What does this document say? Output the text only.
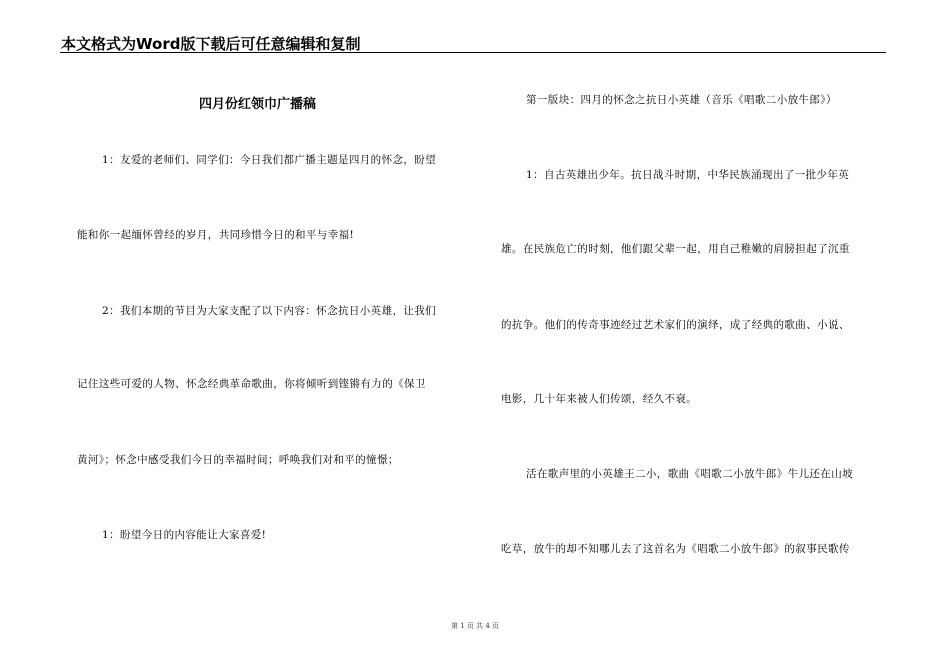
本文格式为Word版下载后可任意编辑和复制
四月份红领巾广播稿
1：友爱的老师们、同学们：今日我们都广播主题是四月的怀念，盼望
能和你一起缅怀曾经的岁月，共同珍惜今日的和平与幸福!
2：我们本期的节目为大家支配了以下内容：怀念抗日小英雄，让我们
记住这些可爱的人物、怀念经典革命歌曲，你将倾听到铿锵有力的《保卫
黄河》；怀念中感受我们今日的幸福时间；呼唤我们对和平的憧憬；
1：盼望今日的内容能让大家喜爱!
第一版块：四月的怀念之抗日小英雄（音乐《唱歌二小放牛郎》）
1：自古英雄出少年。抗日战斗时期，中华民族涌现出了一批少年英
雄。在民族危亡的时刻，他们跟父辈一起，用自己稚嫩的肩膀担起了沉重
的抗争。他们的传奇事迹经过艺术家们的演绎，成了经典的歌曲、小说、
电影，几十年来被人们传颂，经久不衰。
活在歌声里的小英雄王二小，歌曲《唱歌二小放牛郎》牛儿还在山坡
吃草，放牛的却不知哪儿去了这首名为《唱歌二小放牛郎》的叙事民歌传
第 1 页 共 4 页
